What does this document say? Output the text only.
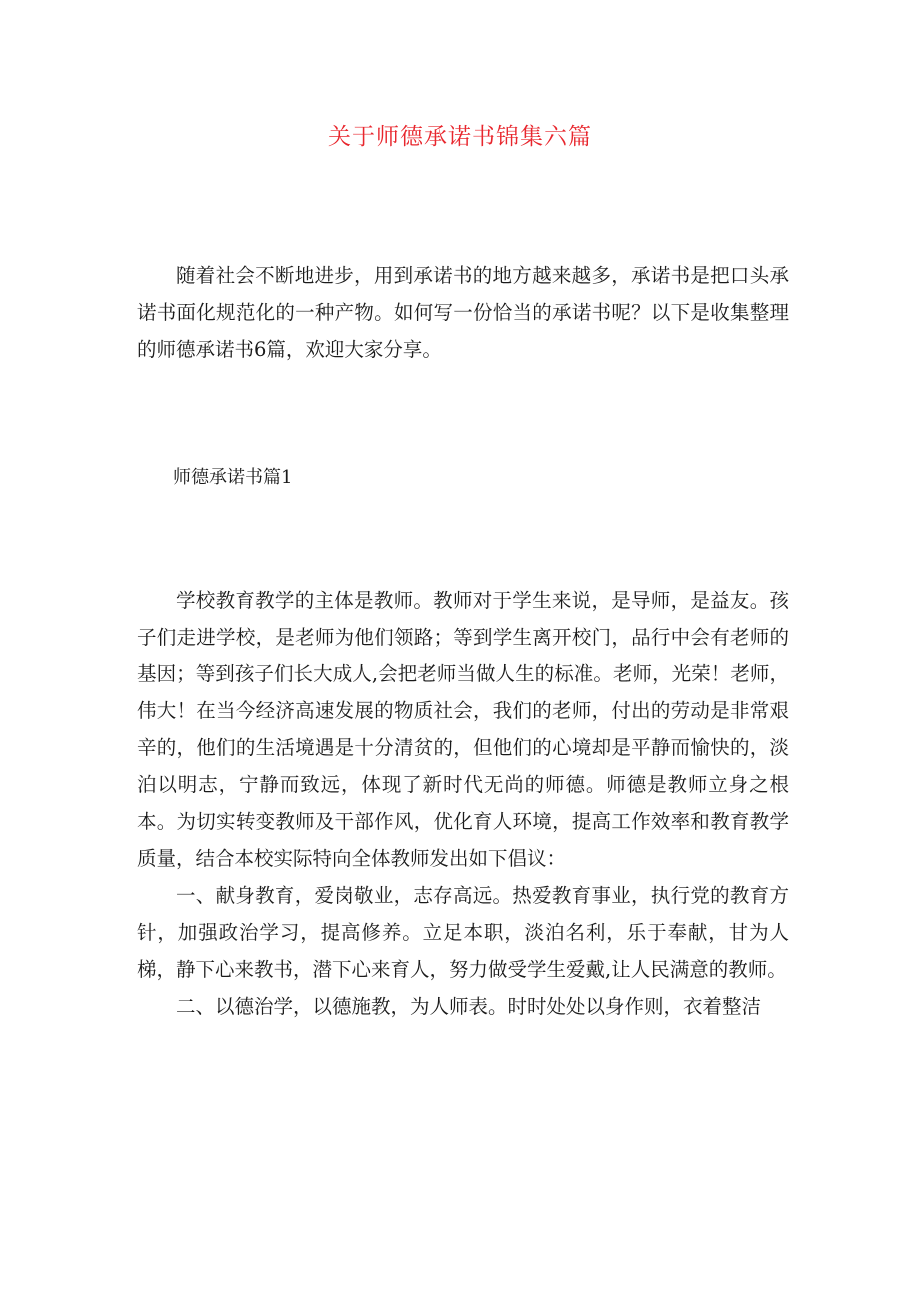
关于师德承诺书锦集六篇

随着社会不断地进步，用到承诺书的地方越来越多，承诺书是把口头承诺书面化规范化的一种产物。如何写一份恰当的承诺书呢？以下是收集整理的师德承诺书6篇，欢迎大家分享。

师德承诺书篇1

学校教育教学的主体是教师。教师对于学生来说，是导师，是益友。孩子们走进学校，是老师为他们领路；等到学生离开校门，品行中会有老师的基因；等到孩子们长大成人,会把老师当做人生的标准。老师，光荣！老师，伟大！在当今经济高速发展的物质社会，我们的老师，付出的劳动是非常艰辛的，他们的生活境遇是十分清贫的，但他们的心境却是平静而愉快的，淡泊以明志，宁静而致远，体现了新时代无尚的师德。师德是教师立身之根本。为切实转变教师及干部作风，优化育人环境，提高工作效率和教育教学质量，结合本校实际特向全体教师发出如下倡议：

一、献身教育，爱岗敬业，志存高远。热爱教育事业，执行党的教育方针，加强政治学习，提高修养。立足本职，淡泊名利，乐于奉献，甘为人梯，静下心来教书，潜下心来育人，努力做受学生爱戴,让人民满意的教师。

二、以德治学，以德施教，为人师表。时时处处以身作则，衣着整洁
